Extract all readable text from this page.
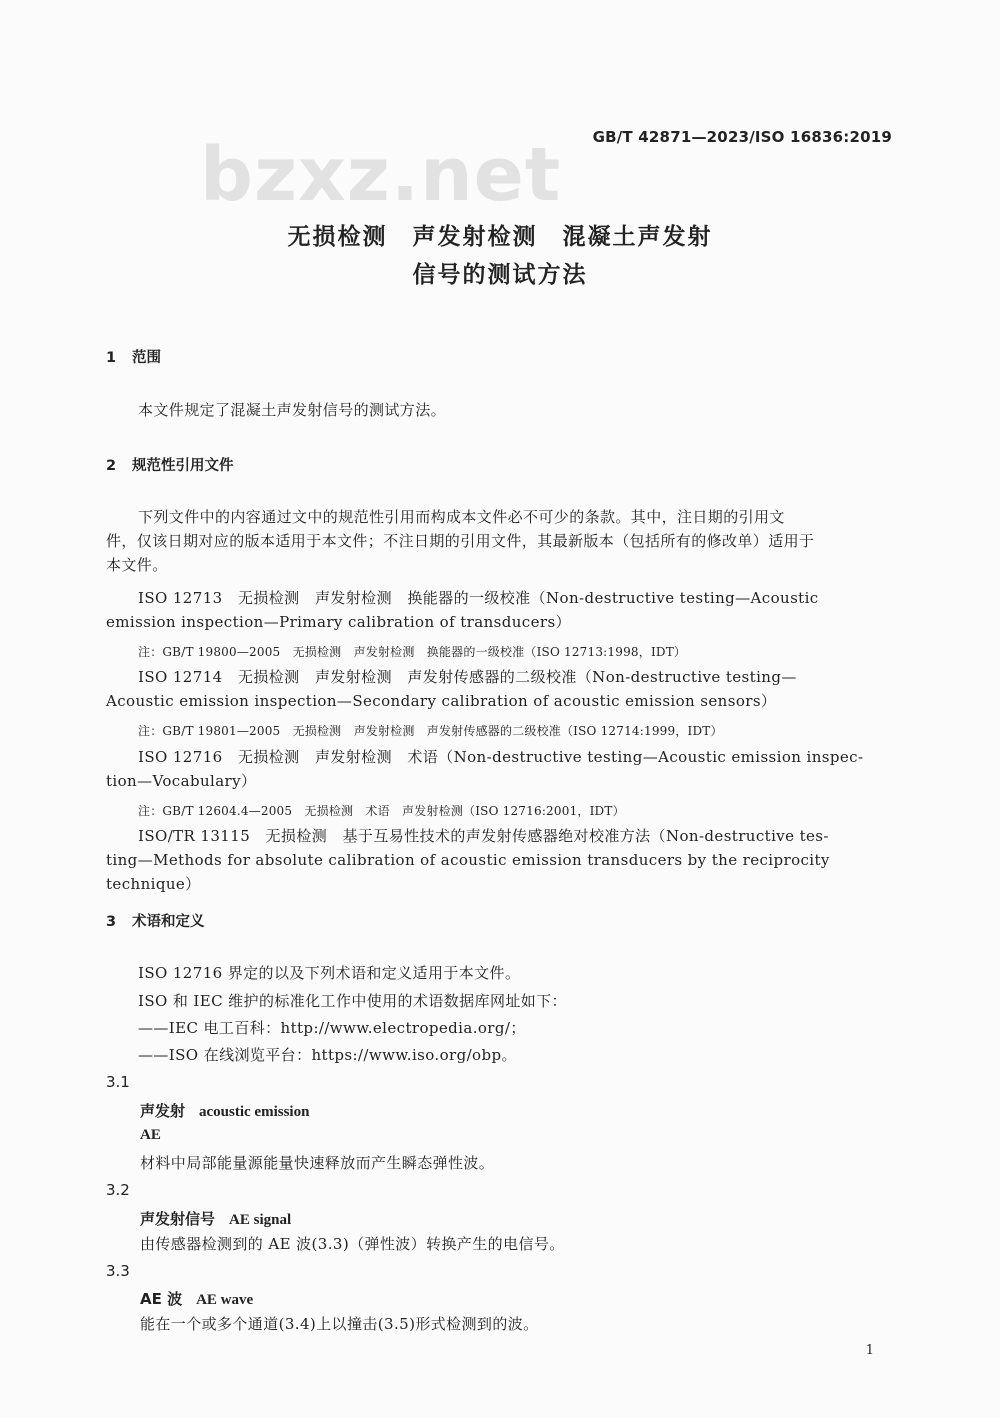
GB/T 42871—2023/ISO 16836:2019
bzxz.net
无损检测　声发射检测　混凝土声发射
信号的测试方法
1 范围
本文件规定了混凝土声发射信号的测试方法。
2 规范性引用文件
下列文件中的内容通过文中的规范性引用而构成本文件必不可少的条款。其中，注日期的引用文
件，仅该日期对应的版本适用于本文件；不注日期的引用文件，其最新版本（包括所有的修改单）适用于
本文件。
ISO 12713　无损检测　声发射检测　换能器的一级校准（Non-destructive testing—Acoustic
emission inspection—Primary calibration of transducers）
注：GB/T 19800—2005　无损检测　声发射检测　换能器的一级校准（ISO 12713:1998，IDT）
ISO 12714　无损检测　声发射检测　声发射传感器的二级校准（Non-destructive testing—
Acoustic emission inspection—Secondary calibration of acoustic emission sensors）
注：GB/T 19801—2005　无损检测　声发射检测　声发射传感器的二级校准（ISO 12714:1999，IDT）
ISO 12716　无损检测　声发射检测　术语（Non-destructive testing—Acoustic emission inspec-
tion—Vocabulary）
注：GB/T 12604.4—2005　无损检测　术语　声发射检测（ISO 12716:2001，IDT）
ISO/TR 13115　无损检测　基于互易性技术的声发射传感器绝对校准方法（Non-destructive tes-
ting—Methods for absolute calibration of acoustic emission transducers by the reciprocity technique）
3 术语和定义
ISO 12716 界定的以及下列术语和定义适用于本文件。
ISO 和 IEC 维护的标准化工作中使用的术语数据库网址如下：
——IEC 电工百科：http://www.electropedia.org/；
——ISO 在线浏览平台：https://www.iso.org/obp。
3.1
声发射 acoustic emission
AE
材料中局部能量源能量快速释放而产生瞬态弹性波。
3.2
声发射信号 AE signal
由传感器检测到的 AE 波(3.3)（弹性波）转换产生的电信号。
3.3
AE 波 AE wave
能在一个或多个通道(3.4)上以撞击(3.5)形式检测到的波。
1
